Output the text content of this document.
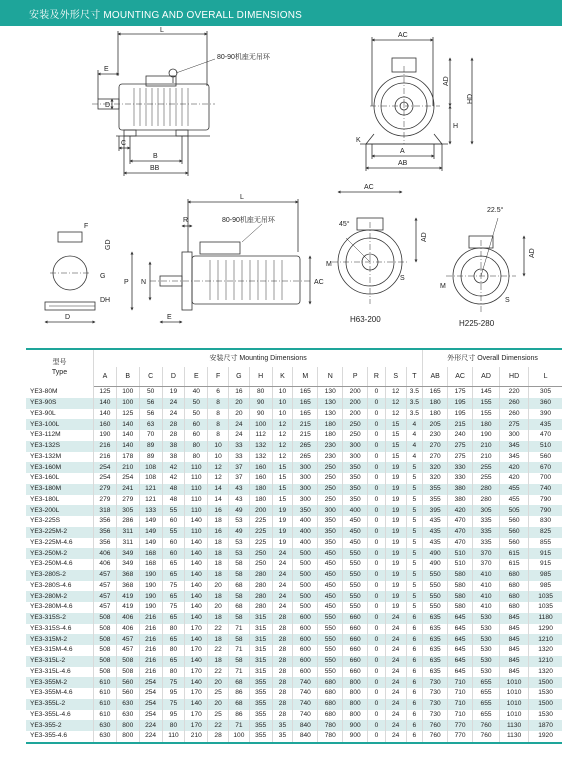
安装及外形尺寸 MOUNTING AND OVERALL DIMENSIONS
L
80-90机座无吊环
E
D
C
B
BB
AC
AD
HD
H
K
A
AB
L
R	80-90机座无吊环
F
GD
G
P N
DH
D	E
AC
AC
45°
M
S
AD
H63-200
22.5°
M
S
AD
H225-280
型号
Type	安装尺寸 Mounting Dimensions															外形尺寸 Overall Dimensions				
	A	B	C	D	E	F	G	H	K	M	N	P	R	S	T	AB	AC	AD	HD	L
YE3-80M	125	100	50	19	40	6	16	80	10	165	130	200	0	12	3.5	165	175	145	220	305
YE3-90S	140	100	56	24	50	8	20	90	10	165	130	200	0	12	3.5	180	195	155	260	360
YE3-90L	140	125	56	24	50	8	20	90	10	165	130	200	0	12	3.5	180	195	155	260	390
YE3-100L	160	140	63	28	60	8	24	100	12	215	180	250	0	15	4	205	215	180	275	435
YE3-112M	190	140	70	28	60	8	24	112	12	215	180	250	0	15	4	230	240	190	300	470
YE3-132S	216	140	89	38	80	10	33	132	12	265	230	300	0	15	4	270	275	210	345	510
YE3-132M	216	178	89	38	80	10	33	132	12	265	230	300	0	15	4	270	275	210	345	560
YE3-160M	254	210	108	42	110	12	37	160	15	300	250	350	0	19	5	320	330	255	420	670
YE3-160L	254	254	108	42	110	12	37	160	15	300	250	350	0	19	5	320	330	255	420	700
YE3-180M	279	241	121	48	110	14	43	180	15	300	250	350	0	19	5	355	380	280	455	740
YE3-180L	279	279	121	48	110	14	43	180	15	300	250	350	0	19	5	355	380	280	455	790
YE3-200L	318	305	133	55	110	16	49	200	19	350	300	400	0	19	5	395	420	305	505	790
YE3-225S	356	286	149	60	140	18	53	225	19	400	350	450	0	19	5	435	470	335	560	830
YE3-225M-2	356	311	149	55	110	16	49	225	19	400	350	450	0	19	5	435	470	335	560	825
YE3-225M-4.6	356	311	149	60	140	18	53	225	19	400	350	450	0	19	5	435	470	335	560	855
YE3-250M-2	406	349	168	60	140	18	53	250	24	500	450	550	0	19	5	490	510	370	615	915
YE3-250M-4.6	406	349	168	65	140	18	58	250	24	500	450	550	0	19	5	490	510	370	615	915
YE3-280S-2	457	368	190	65	140	18	58	280	24	500	450	550	0	19	5	550	580	410	680	985
YE3-280S-4.6	457	368	190	75	140	20	68	280	24	500	450	550	0	19	5	550	580	410	680	985
YE3-280M-2	457	419	190	65	140	18	58	280	24	500	450	550	0	19	5	550	580	410	680	1035
YE3-280M-4.6	457	419	190	75	140	20	68	280	24	500	450	550	0	19	5	550	580	410	680	1035
YE3-315S-2	508	406	216	65	140	18	58	315	28	600	550	660	0	24	6	635	645	530	845	1180
YE3-315S-4.6	508	406	216	80	170	22	71	315	28	600	550	660	0	24	6	635	645	530	845	1290
YE3-315M-2	508	457	216	65	140	18	58	315	28	600	550	660	0	24	6	635	645	530	845	1210
YE3-315M-4.6	508	457	216	80	170	22	71	315	28	600	550	660	0	24	6	635	645	530	845	1320
YE3-315L-2	508	508	216	65	140	18	58	315	28	600	550	660	0	24	6	635	645	530	845	1210
YE3-315L-4.6	508	508	216	80	170	22	71	315	28	600	550	660	0	24	6	635	645	530	845	1320
YE3-355M-2	610	560	254	75	140	20	68	355	28	740	680	800	0	24	6	730	710	655	1010	1500
YE3-355M-4.6	610	560	254	95	170	25	86	355	28	740	680	800	0	24	6	730	710	655	1010	1530
YE3-355L-2	610	630	254	75	140	20	68	355	28	740	680	800	0	24	6	730	710	655	1010	1500
YE3-355L-4.6	610	630	254	95	170	25	86	355	28	740	680	800	0	24	6	730	710	655	1010	1530
YE3-355-2	630	800	224	80	170	22	71	355	35	840	780	900	0	24	6	760	770	760	1130	1870
YE3-355-4.6	630	800	224	110	210	28	100	355	35	840	780	900	0	24	6	760	770	760	1130	1920
